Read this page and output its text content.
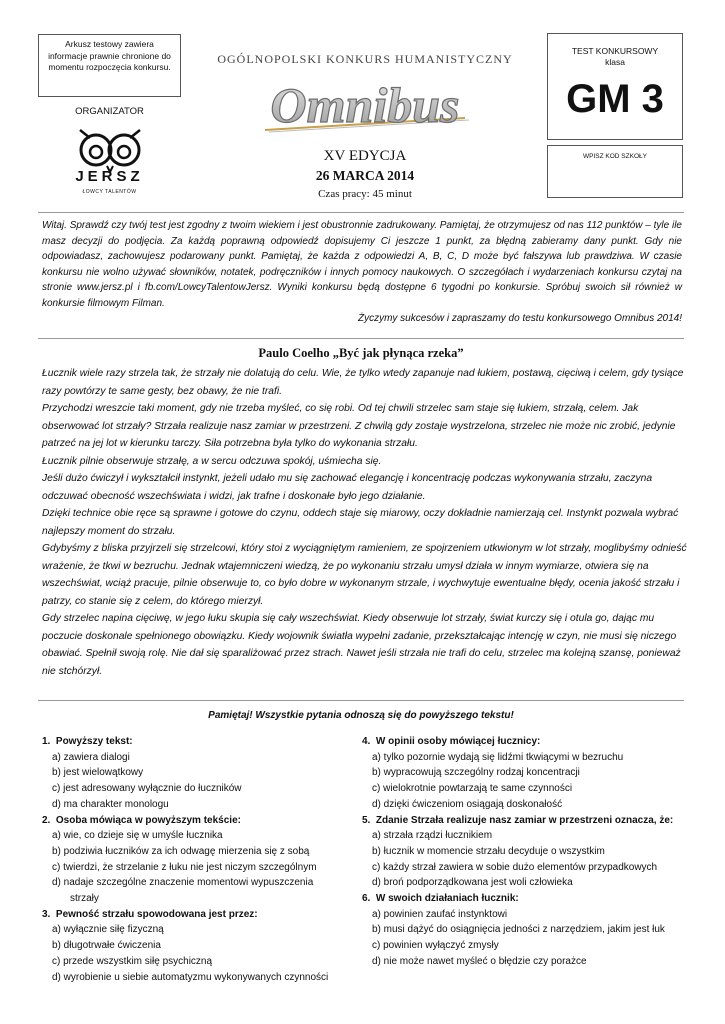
Arkusz testowy zawiera informacje prawnie chronione do momentu rozpoczęcia konkursu.
ORGANIZATOR
JERSZ
ŁOWCY TALENTÓW
OGÓLNOPOLSKI KONKURS HUMANISTYCZNY
Omnibus
XV EDYCJA
26 MARCA 2014
Czas pracy: 45 minut
TEST KONKURSOWY
klasa
GM 3
WPISZ KOD SZKOŁY
Witaj. Sprawdź czy twój test jest zgodny z twoim wiekiem i jest obustronnie zadrukowany. Pamiętaj, że otrzymujesz od nas 112 punktów – tyle ile masz decyzji do podjęcia. Za każdą poprawną odpowiedź dopisujemy Ci jeszcze 1 punkt, za błędną zabieramy dany punkt. Gdy nie odpowiadasz, zachowujesz podarowany punkt. Pamiętaj, że każda z odpowiedzi A, B, C, D może być fałszywa lub prawdziwa. W czasie konkursu nie wolno używać słowników, notatek, podręczników i innych pomocy naukowych. O szczegółach i wydarzeniach konkursu czytaj na stronie www.jersz.pl i fb.com/LowcyTalentowJersz. Wyniki konkursu będą dostępne 6 tygodni po konkursie. Spróbuj swoich sił również w konkursie filmowym Filman.
Życzymy sukcesów i zapraszamy do testu konkursowego Omnibus 2014!
Paulo Coelho „Być jak płynąca rzeka”

Łucznik wiele razy strzela tak, że strzały nie dolatują do celu. Wie, że tylko wtedy zapanuje nad łukiem, postawą, cięciwą i celem, gdy tysiące razy powtórzy te same gesty, bez obawy, że nie trafi.

Przychodzi wreszcie taki moment, gdy nie trzeba myśleć, co się robi. Od tej chwili strzelec sam staje się łukiem, strzałą, celem. Jak obserwować lot strzały? Strzała realizuje nasz zamiar w przestrzeni. Z chwilą gdy zostaje wystrzelona, strzelec nie może nic zrobić, jedynie patrzeć na jej lot w kierunku tarczy. Siła potrzebna była tylko do wykonania strzału.

Łucznik pilnie obserwuje strzałę, a w sercu odczuwa spokój, uśmiecha się.

Jeśli dużo ćwiczył i wykształcił instynkt, jeżeli udało mu się zachować elegancję i koncentrację podczas wykonywania strzału, zaczyna odczuwać obecność wszechświata i widzi, jak trafne i doskonałe było jego działanie.

Dzięki technice obie ręce są sprawne i gotowe do czynu, oddech staje się miarowy, oczy dokładnie namierzają cel. Instynkt pozwala wybrać najlepszy moment do strzału.

Gdybyśmy z bliska przyjrzeli się strzelcowi, który stoi z wyciągniętym ramieniem, ze spojrzeniem utkwionym w lot strzały, moglibyśmy odnieść wrażenie, że tkwi w bezruchu. Jednak wtajemniczeni wiedzą, że po wykonaniu strzału umysł działa w innym wymiarze, otwiera się na wszechświat, wciąż pracuje, pilnie obserwuje to, co było dobre w wykonanym strzale, i wychwytuje ewentualne błędy, ocenia jakość strzału i patrzy, co stanie się z celem, do którego mierzył.

Gdy strzelec napina cięciwę, w jego łuku skupia się cały wszechświat. Kiedy obserwuje lot strzały, świat kurczy się i otula go, dając mu poczucie doskonale spełnionego obowiązku. Kiedy wojownik światła wypełni zadanie, przekształcając intencję w czyn, nie musi się niczego obawiać. Spełnił swoją rolę. Nie dał się sparaliżować przez strach. Nawet jeśli strzała nie trafi do celu, strzelec ma kolejną szansę, ponieważ nie stchórzył.

Pamiętaj! Wszystkie pytania odnoszą się do powyższego tekstu!
1. Powyższy tekst:
a) zawiera dialogi
b) jest wielowątkowy
c) jest adresowany wyłącznie do łuczników
d) ma charakter monologu
2. Osoba mówiąca w powyższym tekście:
a) wie, co dzieje się w umyśle łucznika
b) podziwia łuczników za ich odwagę mierzenia się z sobą
c) twierdzi, że strzelanie z łuku nie jest niczym szczególnym
d) nadaje szczególne znaczenie momentowi wypuszczenia strzały
3. Pewność strzału spowodowana jest przez:
a) wyłącznie siłę fizyczną
b) długotrwałe ćwiczenia
c) przede wszystkim siłę psychiczną
d) wyrobienie u siebie automatyzmu wykonywanych czynności
4. W opinii osoby mówiącej łucznicy:
a) tylko pozornie wydają się lidźmi tkwiącymi w bezruchu
b) wypracowują szczególny rodzaj koncentracji
c) wielokrotnie powtarzają te same czynności
d) dzięki ćwiczeniom osiągają doskonałość
5. Zdanie Strzała realizuje nasz zamiar w przestrzeni oznacza, że:
a) strzała rządzi łucznikiem
b) łucznik w momencie strzału decyduje o wszystkim
c) każdy strzał zawiera w sobie dużo elementów przypadkowych
d) broń podporządkowana jest woli człowieka
6. W swoich działaniach łucznik:
a) powinien zaufać instynktowi
b) musi dążyć do osiągnięcia jedności z narzędziem, jakim jest łuk
c) powinien wyłączyć zmysły
d) nie może nawet myśleć o błędzie czy porażce
